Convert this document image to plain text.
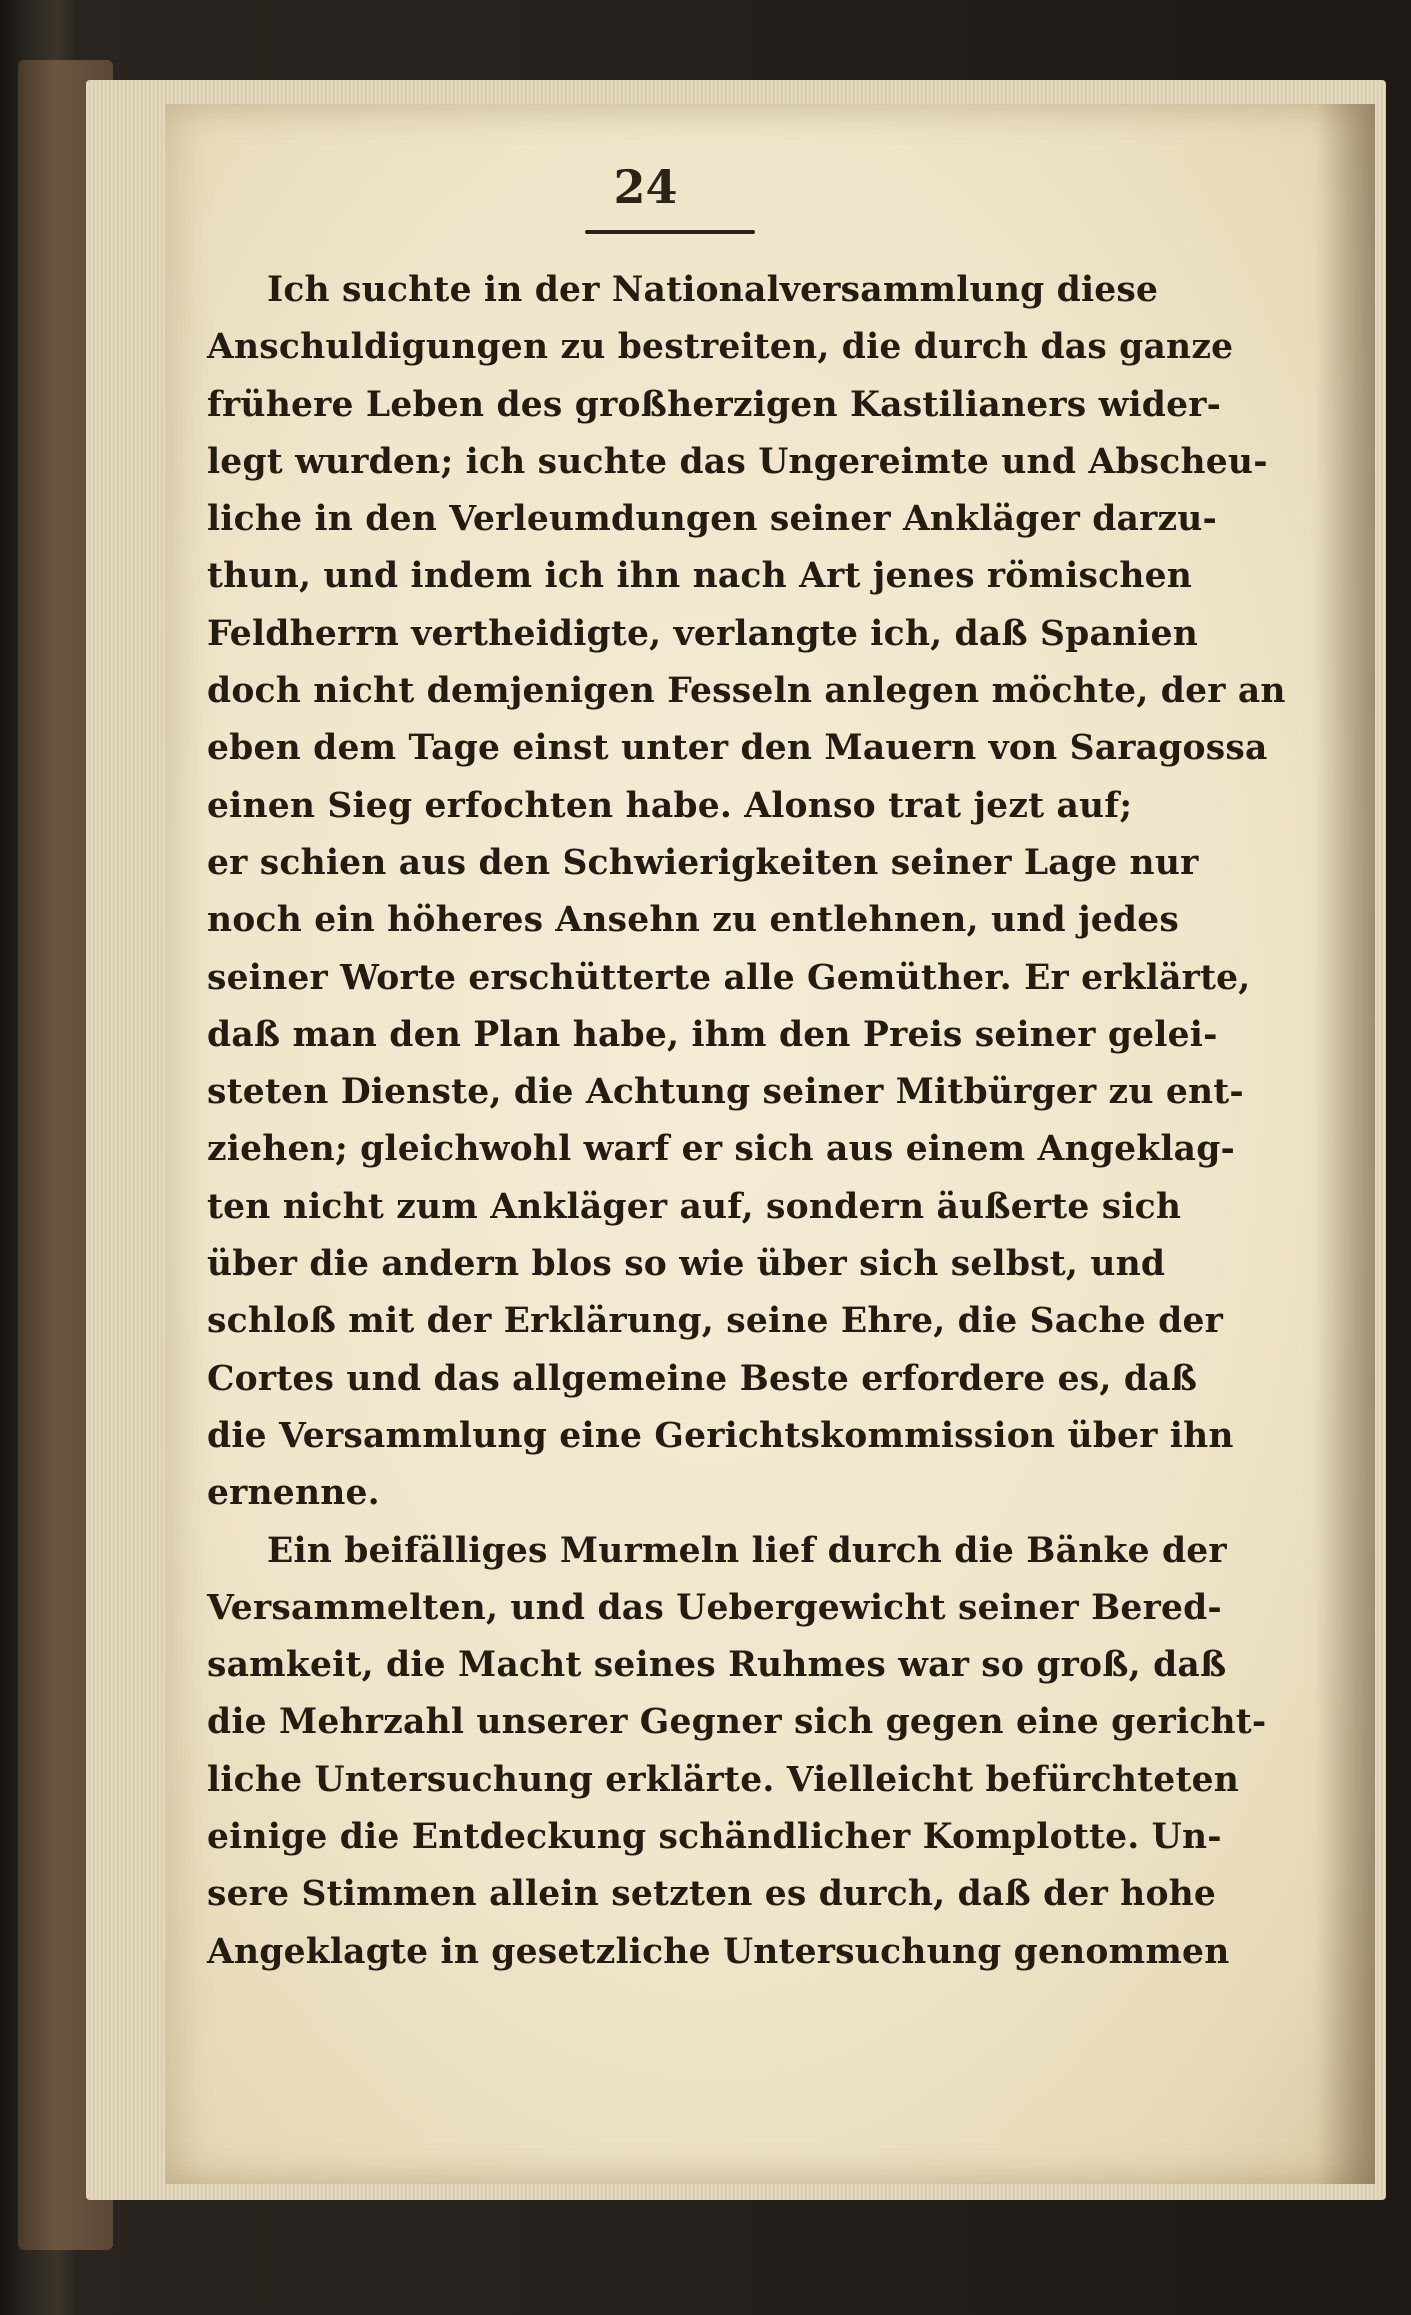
24
Ich suchte in der Nationalversammlung diese
Anschuldigungen zu bestreiten, die durch das ganze
frühere Leben des großherzigen Kastilianers wider-
legt wurden; ich suchte das Ungereimte und Abscheu-
liche in den Verleumdungen seiner Ankläger darzu-
thun, und indem ich ihn nach Art jenes römischen
Feldherrn vertheidigte, verlangte ich, daß Spanien
doch nicht demjenigen Fesseln anlegen möchte, der an
eben dem Tage einst unter den Mauern von Saragossa
einen Sieg erfochten habe. Alonso trat jezt auf;
er schien aus den Schwierigkeiten seiner Lage nur
noch ein höheres Ansehn zu entlehnen, und jedes
seiner Worte erschütterte alle Gemüther. Er erklärte,
daß man den Plan habe, ihm den Preis seiner gelei-
steten Dienste, die Achtung seiner Mitbürger zu ent-
ziehen; gleichwohl warf er sich aus einem Angeklag-
ten nicht zum Ankläger auf, sondern äußerte sich
über die andern blos so wie über sich selbst, und
schloß mit der Erklärung, seine Ehre, die Sache der
Cortes und das allgemeine Beste erfordere es, daß
die Versammlung eine Gerichtskommission über ihn
ernenne.
Ein beifälliges Murmeln lief durch die Bänke der
Versammelten, und das Uebergewicht seiner Bered-
samkeit, die Macht seines Ruhmes war so groß, daß
die Mehrzahl unserer Gegner sich gegen eine gericht-
liche Untersuchung erklärte. Vielleicht befürchteten
einige die Entdeckung schändlicher Komplotte. Un-
sere Stimmen allein setzten es durch, daß der hohe
Angeklagte in gesetzliche Untersuchung genommen
